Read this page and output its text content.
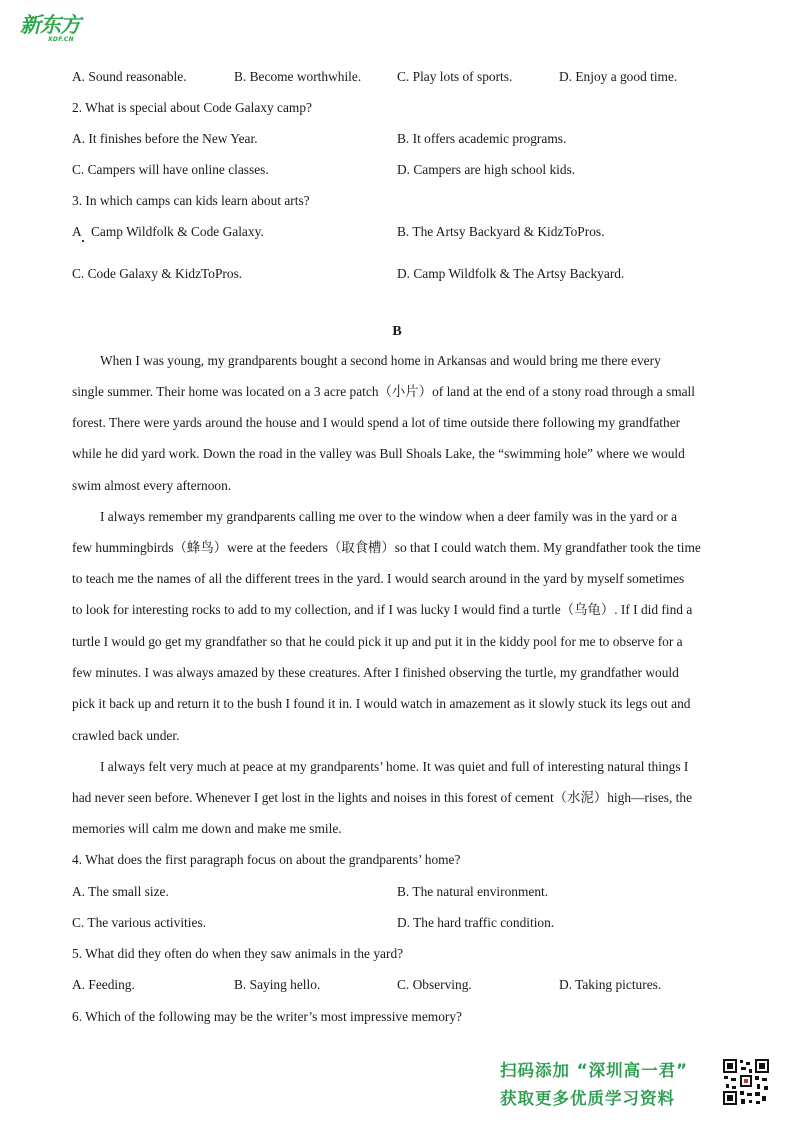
新东方
XDF.CN
A. Sound reasonable.	B. Become worthwhile.	C. Play lots of sports.	D. Enjoy a good time.
2. What is special about Code Galaxy camp?
A. It finishes before the New Year.	B. It offers academic programs.
C. Campers will have online classes.	D. Campers are high school kids.
3. In which camps can kids learn about arts?
A   Camp Wildfolk & Code Galaxy.	B. The Artsy Backyard & KidzToPros.
C. Code Galaxy & KidzToPros.	D. Camp Wildfolk & The Artsy Backyard.
B
When I was young, my grandparents bought a second home in Arkansas and would bring me there every
single summer. Their home was located on a 3 acre patch（小片）of land at the end of a stony road through a small
forest. There were yards around the house and I would spend a lot of time outside there following my grandfather
while he did yard work. Down the road in the valley was Bull Shoals Lake, the “swimming hole” where we would
swim almost every afternoon.
I always remember my grandparents calling me over to the window when a deer family was in the yard or a
few hummingbirds（蜂鸟）were at the feeders（取食槽）so that I could watch them. My grandfather took the time
to teach me the names of all the different trees in the yard. I would search around in the yard by myself sometimes
to look for interesting rocks to add to my collection, and if I was lucky I would find a turtle（乌龟）. If I did find a
turtle I would go get my grandfather so that he could pick it up and put it in the kiddy pool for me to observe for a
few minutes. I was always amazed by these creatures. After I finished observing the turtle, my grandfather would
pick it back up and return it to the bush I found it in. I would watch in amazement as it slowly stuck its legs out and
crawled back under.
I always felt very much at peace at my grandparents’ home. It was quiet and full of interesting natural things I
had never seen before. Whenever I get lost in the lights and noises in this forest of cement（水泥）high—rises, the
memories will calm me down and make me smile.
4. What does the first paragraph focus on about the grandparents’ home?
A. The small size.	B. The natural environment.
C. The various activities.	D. The hard traffic condition.
5. What did they often do when they saw animals in the yard?
A. Feeding.	B. Saying hello.	C. Observing.	D. Taking pictures.
6. Which of the following may be the writer’s most impressive memory?
扫码添加 “深圳高一君”
获取更多优质学习资料
